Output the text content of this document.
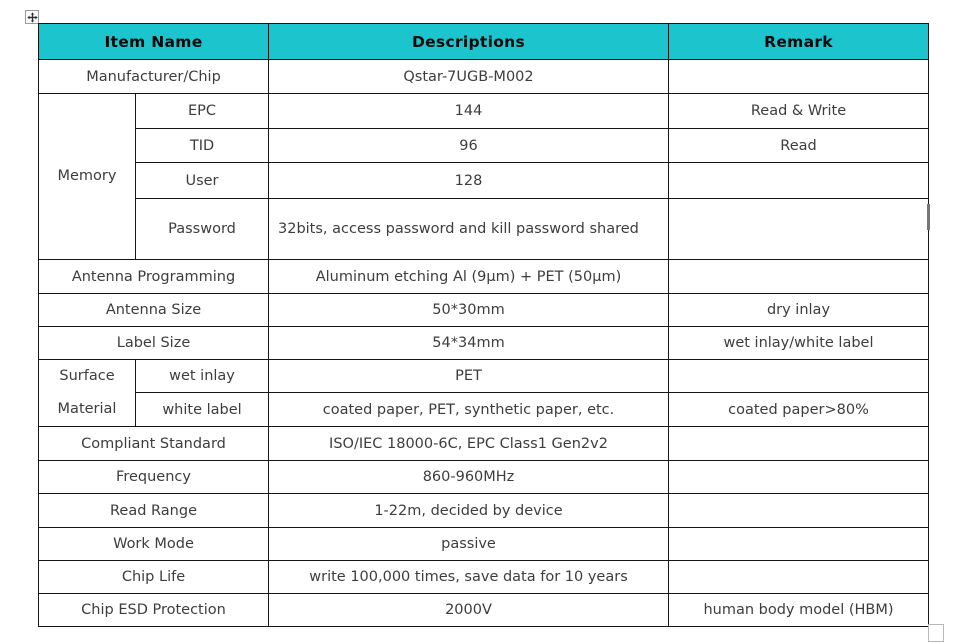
Item Name		Descriptions	Remark
Manufacturer/Chip		Qstar-7UGB-M002	
Memory	EPC	144	Read & Write
	TID	96	Read
	User	128	
	Password	32bits, access password and kill password shared	
Antenna Programming		Aluminum etching Al (9μm) + PET (50μm)	
Antenna Size		50*30mm	dry inlay
Label Size		54*34mm	wet inlay/white label
Surface Material	wet inlay	PET	
	white label	coated paper, PET, synthetic paper, etc.	coated paper>80%
Compliant Standard		ISO/IEC 18000-6C, EPC Class1 Gen2v2	
Frequency		860-960MHz	
Read Range		1-22m, decided by device	
Work Mode		passive	
Chip Life		write 100,000 times, save data for 10 years	
Chip ESD Protection		2000V	human body model (HBM)
